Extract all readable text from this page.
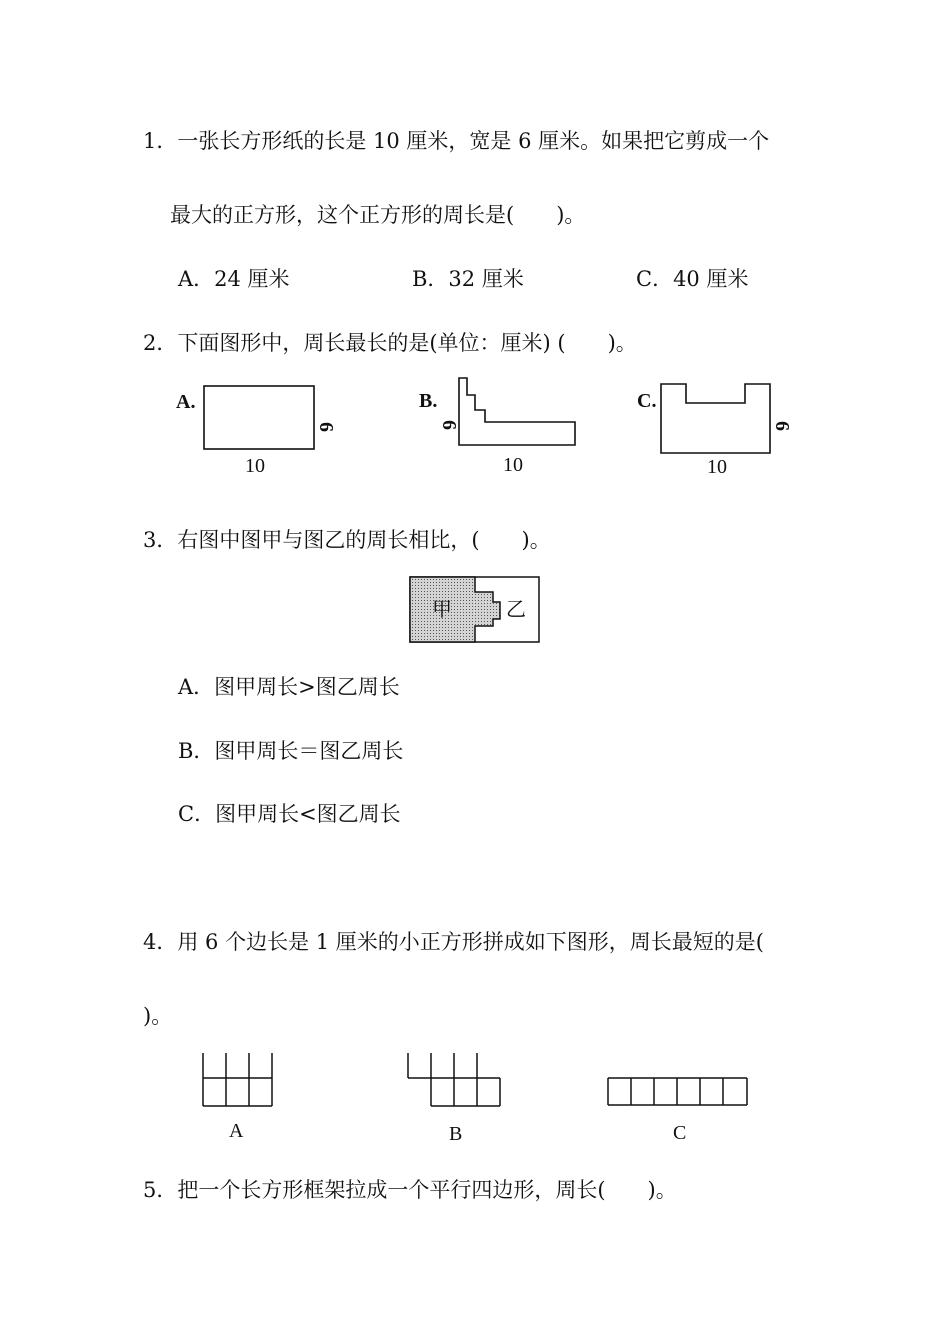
1．一张长方形纸的长是 10 厘米，宽是 6 厘米。如果把它剪成一个
最大的正方形，这个正方形的周长是(　　)。
A．24 厘米	B．32 厘米	C．40 厘米
2．下面图形中，周长最长的是(单位：厘米) (　　)。
A.
6
10
B.
6
10
C.
6
10
3．右图中图甲与图乙的周长相比，(　　)。
甲	乙
A．图甲周长>图乙周长
B．图甲周长＝图乙周长
C．图甲周长<图乙周长
4．用 6 个边长是 1 厘米的小正方形拼成如下图形，周长最短的是(
)。
A	B	C
5．把一个长方形框架拉成一个平行四边形，周长(　　)。
